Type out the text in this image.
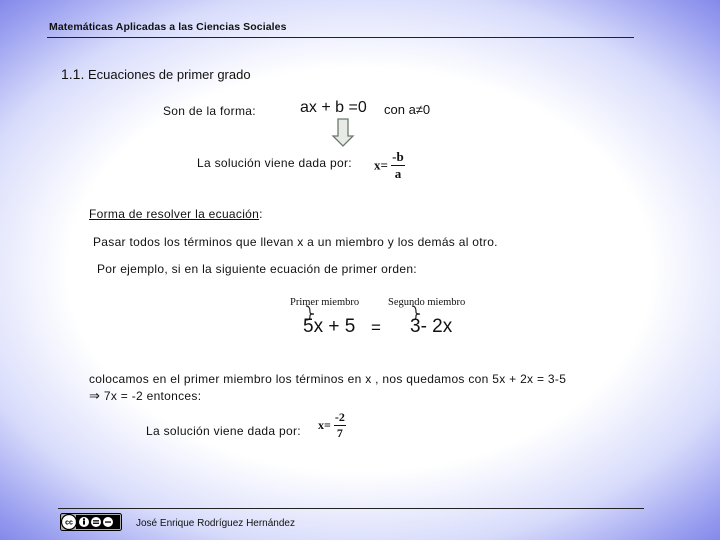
Matemáticas Aplicadas a las Ciencias Sociales
1.1. Ecuaciones de primer grado
Son de la forma:	ax + b =0 con a≠0
La solución viene dada por: $x= \frac{-b}{a}$
Forma de resolver la ecuación:
Pasar todos los términos que llevan x a un miembro y los demás al otro.
Por ejemplo, si en la siguiente ecuación de primer orden:
Primer miembro	Segundo miembro
5x + 5 = 3- 2x
colocamos en el primer miembro los términos en x , nos quedamos con 5x + 2x = 3-5
⇒ 7x = -2 entonces:
La solución viene dada por: $x= \frac{-2}{7}$
cc	José Enrique Rodríguez Hernández
